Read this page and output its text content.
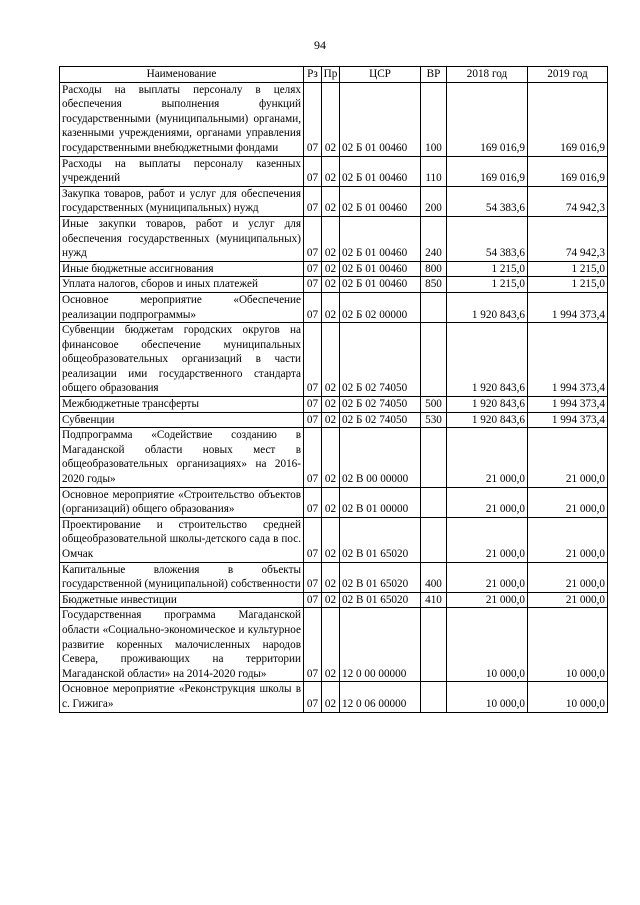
94
Наименование	Рз	Пр	ЦСР	ВР	2018 год	2019 год
Расходы на выплаты персоналу в целях обеспечения выполнения функций государственными (муниципальными) органами, казенными учреждениями, органами управления государственными внебюджетными фондами	07	02	02 Б 01 00460	100	169 016,9	169 016,9
Расходы на выплаты персоналу казенных учреждений	07	02	02 Б 01 00460	110	169 016,9	169 016,9
Закупка товаров, работ и услуг для обеспечения государственных (муниципальных) нужд	07	02	02 Б 01 00460	200	54 383,6	74 942,3
Иные закупки товаров, работ и услуг для обеспечения государственных (муниципальных) нужд	07	02	02 Б 01 00460	240	54 383,6	74 942,3
Иные бюджетные ассигнования	07	02	02 Б 01 00460	800	1 215,0	1 215,0
Уплата налогов, сборов и иных платежей	07	02	02 Б 01 00460	850	1 215,0	1 215,0
Основное мероприятие «Обеспечение реализации подпрограммы»	07	02	02 Б 02 00000		1 920 843,6	1 994 373,4
Субвенции бюджетам городских округов на финансовое обеспечение муниципальных общеобразовательных организаций в части реализации ими государственного стандарта общего образования	07	02	02 Б 02 74050		1 920 843,6	1 994 373,4
Межбюджетные трансферты	07	02	02 Б 02 74050	500	1 920 843,6	1 994 373,4
Субвенции	07	02	02 Б 02 74050	530	1 920 843,6	1 994 373,4
Подпрограмма «Содействие созданию в Магаданской области новых мест в общеобразовательных организациях» на 2016-2020 годы»	07	02	02 В 00 00000		21 000,0	21 000,0
Основное мероприятие «Строительство объектов (организаций) общего образования»	07	02	02 В 01 00000		21 000,0	21 000,0
Проектирование и строительство средней общеобразовательной школы-детского сада в пос. Омчак	07	02	02 В 01 65020		21 000,0	21 000,0
Капитальные вложения в объекты государственной (муниципальной) собственности	07	02	02 В 01 65020	400	21 000,0	21 000,0
Бюджетные инвестиции	07	02	02 В 01 65020	410	21 000,0	21 000,0
Государственная программа Магаданской области «Социально-экономическое и культурное развитие коренных малочисленных народов Севера, проживающих на территории Магаданской области» на 2014-2020 годы»	07	02	12 0 00 00000		10 000,0	10 000,0
Основное мероприятие «Реконструкция школы в с. Гижига»	07	02	12 0 06 00000		10 000,0	10 000,0
